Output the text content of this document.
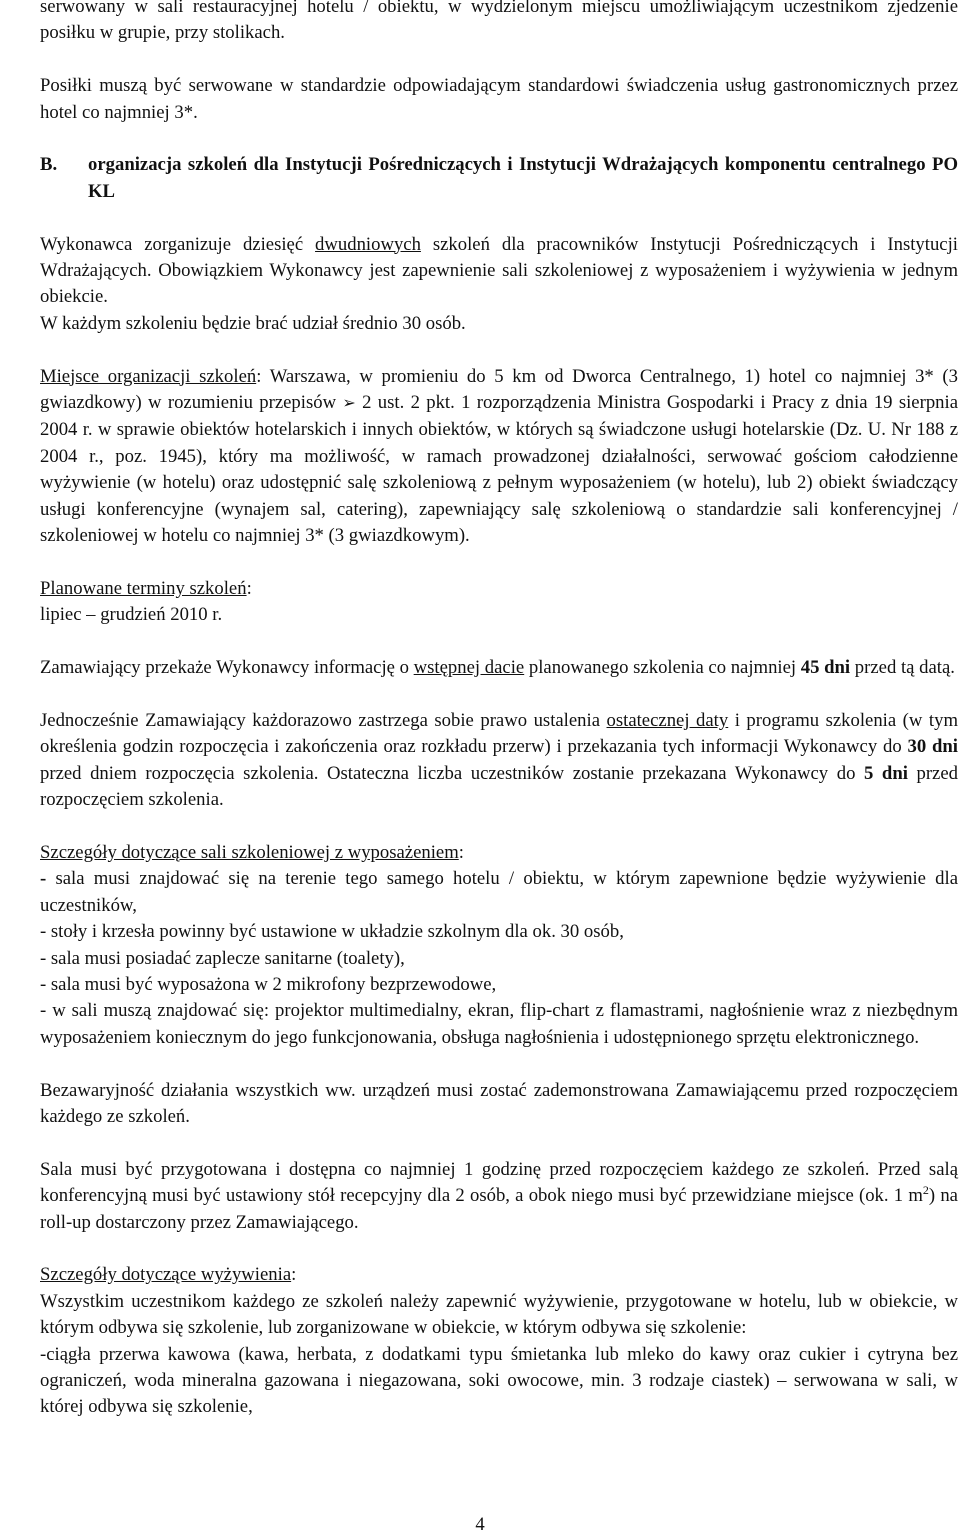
serwowany w sali restauracyjnej hotelu / obiektu, w wydzielonym miejscu umożliwiającym uczestnikom zjedzenie posiłku w grupie, przy stolikach.

Posiłki muszą być serwowane w standardzie odpowiadającym standardowi świadczenia usług gastronomicznych przez hotel co najmniej 3*.

B.	organizacja szkoleń dla Instytucji Pośredniczących i Instytucji Wdrażających komponentu centralnego PO KL

Wykonawca zorganizuje dziesięć dwudniowych szkoleń dla pracowników Instytucji Pośredniczących i Instytucji Wdrażających. Obowiązkiem Wykonawcy jest zapewnienie sali szkoleniowej z wyposażeniem i wyżywienia w jednym obiekcie.

W każdym szkoleniu będzie brać udział średnio 30 osób.

Miejsce organizacji szkoleń: Warszawa, w promieniu do 5 km od Dworca Centralnego, 1) hotel co najmniej 3* (3 gwiazdkowy) w rozumieniu przepisów ➢ 2 ust. 2 pkt. 1 rozporządzenia Ministra Gospodarki i Pracy z dnia 19 sierpnia 2004 r. w sprawie obiektów hotelarskich i innych obiektów, w których są świadczone usługi hotelarskie (Dz. U. Nr 188 z 2004 r., poz. 1945), który ma możliwość, w ramach prowadzonej działalności, serwować gościom całodzienne wyżywienie (w hotelu) oraz udostępnić salę szkoleniową z pełnym wyposażeniem (w hotelu), lub 2) obiekt świadczący usługi konferencyjne (wynajem sal, catering), zapewniający salę szkoleniową o standardzie sali konferencyjnej / szkoleniowej w hotelu co najmniej 3* (3 gwiazdkowym).

Planowane terminy szkoleń:

lipiec – grudzień 2010 r.

Zamawiający przekaże Wykonawcy informację o wstępnej dacie planowanego szkolenia co najmniej 45 dni przed tą datą.

Jednocześnie Zamawiający każdorazowo zastrzega sobie prawo ustalenia ostatecznej daty i programu szkolenia (w tym określenia godzin rozpoczęcia i zakończenia oraz rozkładu przerw) i przekazania tych informacji Wykonawcy do 30 dni przed dniem rozpoczęcia szkolenia. Ostateczna liczba uczestników zostanie przekazana Wykonawcy do 5 dni przed rozpoczęciem szkolenia.

Szczegóły dotyczące sali szkoleniowej z wyposażeniem:

- sala musi znajdować się na terenie tego samego hotelu / obiektu, w którym zapewnione będzie wyżywienie dla uczestników,

- stoły i krzesła powinny być ustawione w układzie szkolnym dla ok. 30 osób,

- sala musi posiadać zaplecze sanitarne (toalety),

- sala musi być wyposażona w 2 mikrofony bezprzewodowe,

- w sali muszą znajdować się: projektor multimedialny, ekran, flip-chart z flamastrami, nagłośnienie wraz z niezbędnym wyposażeniem koniecznym do jego funkcjonowania, obsługa nagłośnienia i udostępnionego sprzętu elektronicznego.

Bezawaryjność działania wszystkich ww. urządzeń musi zostać zademonstrowana Zamawiającemu przed rozpoczęciem każdego ze szkoleń.

Sala musi być przygotowana i dostępna co najmniej 1 godzinę przed rozpoczęciem każdego ze szkoleń. Przed salą konferencyjną musi być ustawiony stół recepcyjny dla 2 osób, a obok niego musi być przewidziane miejsce (ok. 1 $m^2$) na roll-up dostarczony przez Zamawiającego.

Szczegóły dotyczące wyżywienia:

Wszystkim uczestnikom każdego ze szkoleń należy zapewnić wyżywienie, przygotowane w hotelu, lub w obiekcie, w którym odbywa się szkolenie, lub zorganizowane w obiekcie, w którym odbywa się szkolenie:

-ciągła przerwa kawowa (kawa, herbata, z dodatkami typu śmietanka lub mleko do kawy oraz cukier i cytryna bez ograniczeń, woda mineralna gazowana i niegazowana, soki owocowe, min. 3 rodzaje ciastek) – serwowana w sali, w której odbywa się szkolenie,

4
